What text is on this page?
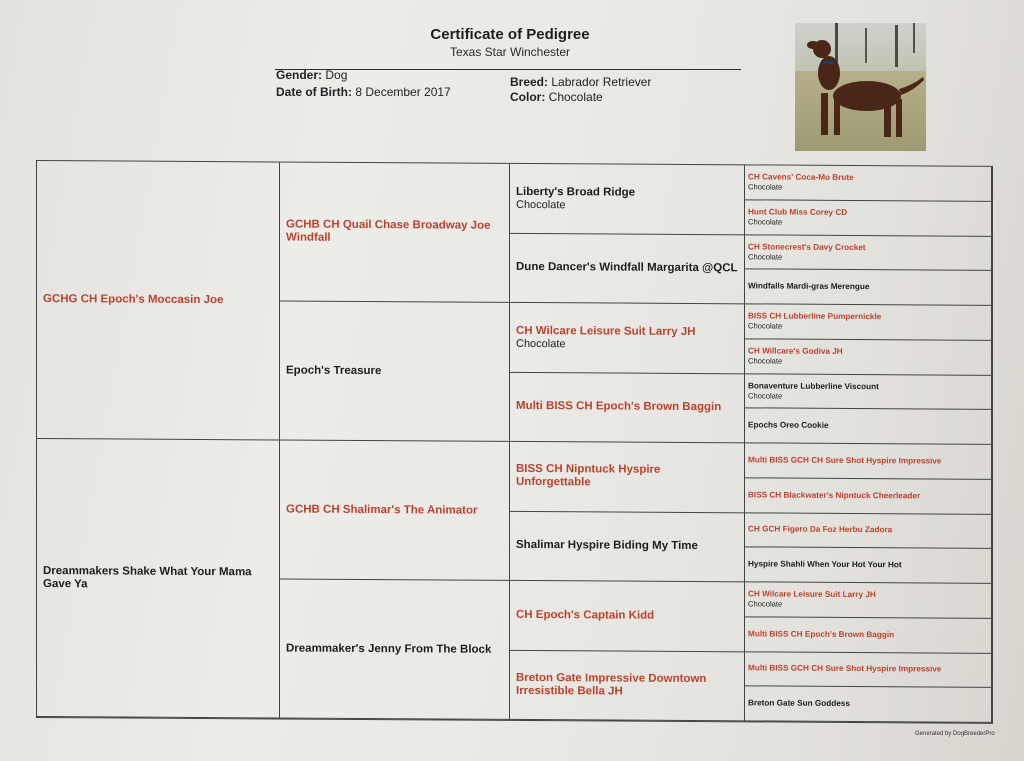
Certificate of Pedigree
Texas Star Winchester
Gender: Dog
Date of Birth: 8 December 2017
Breed: Labrador Retriever
Color: Chocolate
GCHG CH Epoch's Moccasin Joe
Dreammakers Shake What Your Mama Gave Ya
GCHB CH Quail Chase Broadway Joe Windfall
Epoch's Treasure
GCHB CH Shalimar's The Animator
Dreammaker's Jenny From The Block
Liberty's Broad Ridge
Chocolate
Dune Dancer's Windfall Margarita @QCL
CH Wilcare Leisure Suit Larry JH
Chocolate
Multi BISS CH Epoch's Brown Baggin
BISS CH Nipntuck Hyspire Unforgettable
Shalimar Hyspire Biding My Time
CH Epoch's Captain Kidd
Breton Gate Impressive Downtown Irresistible Bella JH
CH Cavens' Coca-Mo Brute
Chocolate
Hunt Club Miss Corey CD
Chocolate
CH Stonecrest's Davy Crocket
Chocolate
Windfalls Mardi-gras Merengue
BISS CH Lubberline Pumpernickle
Chocolate
CH Willcare's Godiva JH
Chocolate
Bonaventure Lubberline Viscount
Chocolate
Epochs Oreo Cookie
Multi BISS GCH CH Sure Shot Hyspire Impressive
BISS CH Blackwater's Nipntuck Cheerleader
CH GCH Figero Da Foz Herbu Zadora
Hyspire Shahli When Your Hot Your Hot
CH Wilcare Leisure Suit Larry JH
Chocolate
Multi BISS CH Epoch's Brown Baggin
Multi BISS GCH CH Sure Shot Hyspire Impressive
Breton Gate Sun Goddess
Generated by DogBreederPro
